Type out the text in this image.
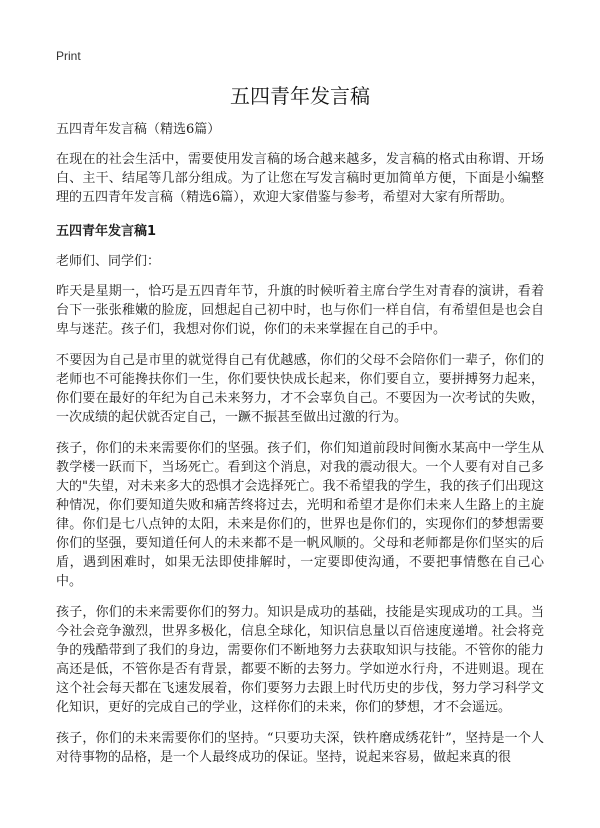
Print
五四青年发言稿

五四青年发言稿（精选6篇）

在现在的社会生活中，需要使用发言稿的场合越来越多，发言稿的格式由称谓、开场白、主干、结尾等几部分组成。为了让您在写发言稿时更加简单方便，下面是小编整理的五四青年发言稿（精选6篇），欢迎大家借鉴与参考，希望对大家有所帮助。

五四青年发言稿1

老师们、同学们：

昨天是星期一，恰巧是五四青年节，升旗的时候听着主席台学生对青春的演讲，看着台下一张张稚嫩的脸庞，回想起自己初中时，也与你们一样自信，有希望但是也会自卑与迷茫。孩子们，我想对你们说，你们的未来掌握在自己的手中。

不要因为自己是市里的就觉得自己有优越感，你们的父母不会陪你们一辈子，你们的老师也不可能搀扶你们一生，你们要快快成长起来，你们要自立，要拼搏努力起来，你们要在最好的年纪为自己未来努力，才不会辜负自己。不要因为一次考试的失败，一次成绩的起伏就否定自己，一蹶不振甚至做出过激的行为。

孩子，你们的未来需要你们的坚强。孩子们，你们知道前段时间衡水某高中一学生从教学楼一跃而下，当场死亡。看到这个消息，对我的震动很大。一个人要有对自己多大的"失望，对未来多大的恐惧才会选择死亡。我不希望我的学生，我的孩子们出现这种情况，你们要知道失败和痛苦终将过去，光明和希望才是你们未来人生路上的主旋律。你们是七八点钟的太阳，未来是你们的，世界也是你们的，实现你们的梦想需要你们的坚强，要知道任何人的未来都不是一帆风顺的。父母和老师都是你们坚实的后盾，遇到困难时，如果无法即使排解时，一定要即使沟通，不要把事情憋在自己心中。

孩子，你们的未来需要你们的努力。知识是成功的基础，技能是实现成功的工具。当今社会竞争激烈，世界多极化，信息全球化，知识信息量以百倍速度递增。社会将竞争的残酷带到了我们的身边，需要你们不断地努力去获取知识与技能。不管你的能力高还是低，不管你是否有背景，都要不断的去努力。学如逆水行舟，不进则退。现在这个社会每天都在飞速发展着，你们要努力去跟上时代历史的步伐，努力学习科学文化知识，更好的完成自己的学业，这样你们的未来，你们的梦想，才不会遥远。

孩子，你们的未来需要你们的坚持。“只要功夫深，铁杵磨成绣花针”，坚持是一个人对待事物的品格，是一个人最终成功的保证。坚持，说起来容易，做起来真的很
